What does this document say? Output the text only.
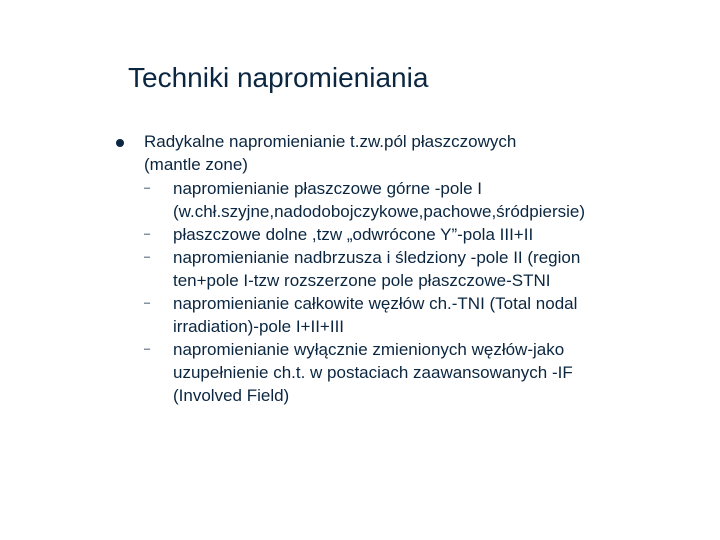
Techniki napromieniania
Radykalne napromienianie t.zw.pól płaszczowych
(mantle zone)
–	napromienianie płaszczowe górne -pole I
(w.chł.szyjne,nadodobojczykowe,pachowe,śródpiersie)
–	płaszczowe dolne ,tzw „odwrócone Y”-pola III+II
–	napromienianie nadbrzusza i śledziony -pole II (region
ten+pole I-tzw rozszerzone pole płaszczowe-STNI
–	napromienianie całkowite węzłów ch.-TNI (Total nodal
irradiation)-pole I+II+III
–	napromienianie wyłącznie zmienionych węzłów-jako
uzupełnienie ch.t. w postaciach zaawansowanych -IF
(Involved Field)
